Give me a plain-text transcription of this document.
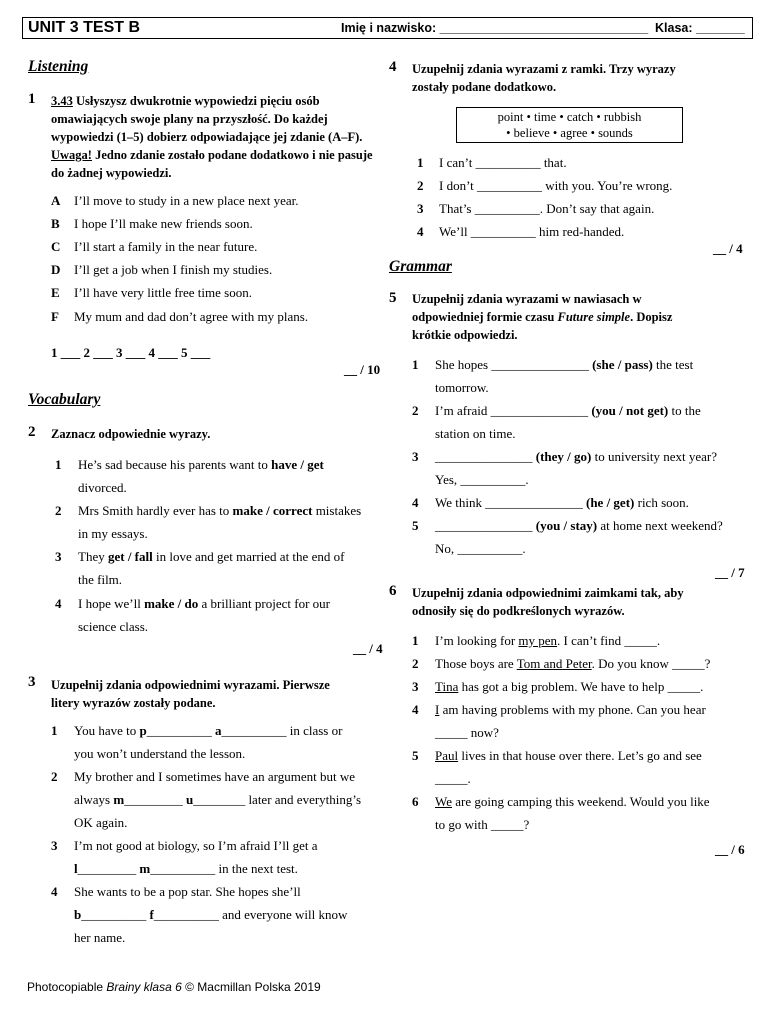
UNIT 3 TEST B	Imię i nazwisko: ______________________________ Klasa: _______
Listening
1 3.43 Usłyszysz dwukrotnie wypowiedzi pięciu osób omawiających swoje plany na przyszłość. Do każdej wypowiedzi (1–5) dobierz odpowiadające jej zdanie (A–F). Uwaga! Jedno zdanie zostało podane dodatkowo i nie pasuje do żadnej wypowiedzi.
A I’ll move to study in a new place next year.
B I hope I’ll make new friends soon.
C I’ll start a family in the near future.
D I’ll get a job when I finish my studies.
E I’ll have very little free time soon.
F My mum and dad don’t agree with my plans.
1 ___ 2 ___ 3 ___ 4 ___ 5 ___
__ / 10
Vocabulary
2 Zaznacz odpowiednie wyrazy.
1 He’s sad because his parents want to have / get
divorced.
2 Mrs Smith hardly ever has to make / correct mistakes
in my essays.
3 They get / fall in love and get married at the end of
the film.
4 I hope we’ll make / do a brilliant project for our
science class.
__ / 4
3 Uzupełnij zdania odpowiednimi wyrazami. Pierwsze
litery wyrazów zostały podane.
1 You have to p__________ a__________ in class or
you won’t understand the lesson.
2 My brother and I sometimes have an argument but we
always m_________ u________ later and everything’s
OK again.
3 I’m not good at biology, so I’m afraid I’ll get a
l_________ m__________ in the next test.
4 She wants to be a pop star. She hopes she’ll
b__________ f__________ and everyone will know
her name.
4 Uzupełnij zdania wyrazami z ramki. Trzy wyrazy
zostały podane dodatkowo.
point • time • catch • rubbish
• believe • agree • sounds
1 I can’t __________ that.
2 I don’t __________ with you. You’re wrong.
3 That’s __________. Don’t say that again.
4 We’ll __________ him red-handed.
__ / 4
Grammar
5 Uzupełnij zdania wyrazami w nawiasach w
odpowiedniej formie czasu Future simple. Dopisz
krótkie odpowiedzi.
1 She hopes _______________ (she / pass) the test
tomorrow.
2 I’m afraid _______________ (you / not get) to the
station on time.
3 _______________ (they / go) to university next year?
Yes, __________.
4 We think _______________ (he / get) rich soon.
5 _______________ (you / stay) at home next weekend?
No, __________.
__ / 7
6 Uzupełnij zdania odpowiednimi zaimkami tak, aby
odnosiły się do podkreślonych wyrazów.
1 I’m looking for my pen. I can’t find _____.
2 Those boys are Tom and Peter. Do you know _____?
3 Tina has got a big problem. We have to help _____.
4 I am having problems with my phone. Can you hear
_____ now?
5 Paul lives in that house over there. Let’s go and see
_____.
6 We are going camping this weekend. Would you like
to go with _____?
__ / 6
Photocopiable Brainy klasa 6 © Macmillan Polska 2019
